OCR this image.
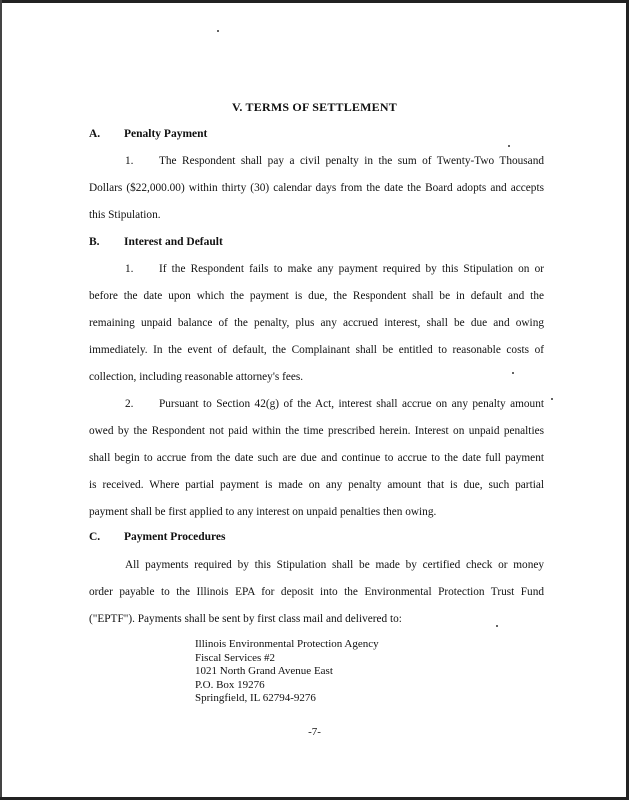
V. TERMS OF SETTLEMENT
A. Penalty Payment
1. The Respondent shall pay a civil penalty in the sum of Twenty-Two Thousand
Dollars ($22,000.00) within thirty (30) calendar days from the date the Board adopts and accepts
this Stipulation.
B. Interest and Default
1. If the Respondent fails to make any payment required by this Stipulation on or
before the date upon which the payment is due, the Respondent shall be in default and the
remaining unpaid balance of the penalty, plus any accrued interest, shall be due and owing
immediately. In the event of default, the Complainant shall be entitled to reasonable costs of
collection, including reasonable attorney's fees.
2. Pursuant to Section 42(g) of the Act, interest shall accrue on any penalty amount
owed by the Respondent not paid within the time prescribed herein. Interest on unpaid penalties
shall begin to accrue from the date such are due and continue to accrue to the date full payment
is received. Where partial payment is made on any penalty amount that is due, such partial
payment shall be first applied to any interest on unpaid penalties then owing.
C. Payment Procedures
All payments required by this Stipulation shall be made by certified check or money
order payable to the Illinois EPA for deposit into the Environmental Protection Trust Fund
("EPTF"). Payments shall be sent by first class mail and delivered to:
Illinois Environmental Protection Agency
Fiscal Services #2
1021 North Grand Avenue East
P.O. Box 19276
Springfield, IL 62794-9276
-7-
